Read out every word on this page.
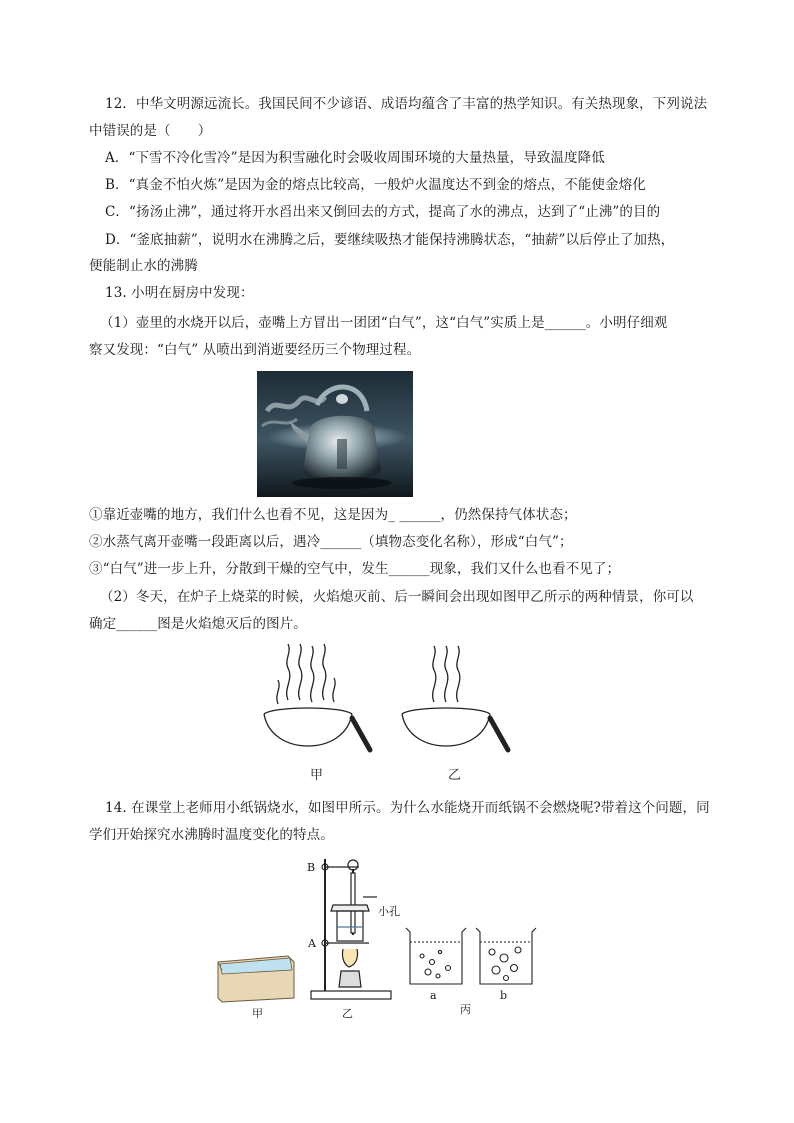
12．中华文明源远流长。我国民间不少谚语、成语均蕴含了丰富的热学知识。有关热现象，下列说法
中错误的是（　　）
A．“下雪不冷化雪冷”是因为积雪融化时会吸收周围环境的大量热量，导致温度降低
B．“真金不怕火炼”是因为金的熔点比较高，一般炉火温度达不到金的熔点，不能使金熔化
C．“扬汤止沸”，通过将开水舀出来又倒回去的方式，提高了水的沸点，达到了“止沸”的目的
D．“釜底抽薪”，说明水在沸腾之后，要继续吸热才能保持沸腾状态，“抽薪”以后停止了加热，
便能制止水的沸腾
13. 小明在厨房中发现：
（1）壶里的水烧开以后，壶嘴上方冒出一团团“白气”，这“白气”实质上是______。小明仔细观
察又发现：“白气” 从喷出到消逝要经历三个物理过程。
①靠近壶嘴的地方，我们什么也看不见，这是因为_ ______，仍然保持气体状态；
②水蒸气离开壶嘴一段距离以后，遇冷______（填物态变化名称），形成“白气”；
③“白气”进一步上升，分散到干燥的空气中，发生______现象，我们又什么也看不见了；
（2）冬天，在炉子上烧菜的时候，火焰熄灭前、后一瞬间会出现如图甲乙所示的两种情景，你可以
确定______图是火焰熄灭后的图片。
甲	乙
14. 在课堂上老师用小纸锅烧水，如图甲所示。为什么水能烧开而纸锅不会燃烧呢?带着这个问题，同
学们开始探究水沸腾时温度变化的特点。
甲
B
A
小孔
乙
a	b
丙
